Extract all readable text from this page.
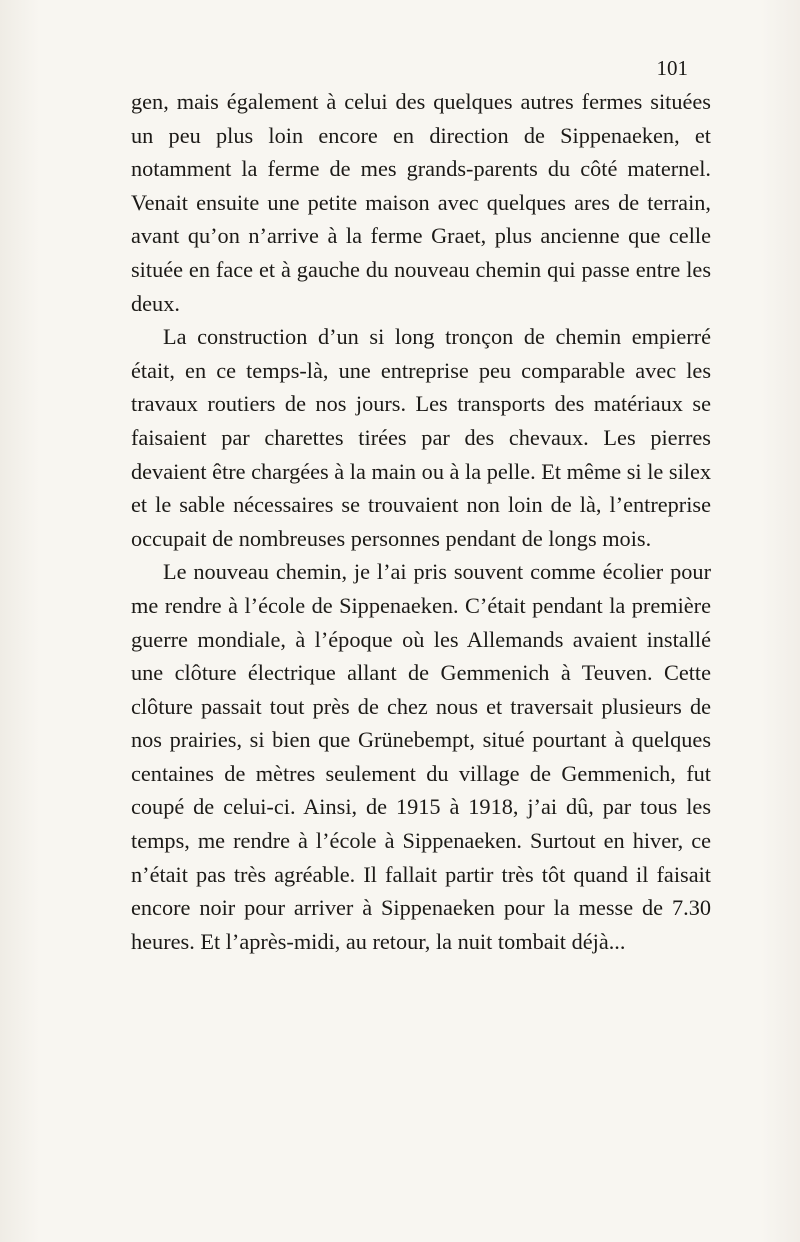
101

gen, mais également à celui des quelques autres fermes situées un peu plus loin encore en direction de Sippenaeken, et notamment la ferme de mes grands-parents du côté maternel. Venait ensuite une petite maison avec quelques ares de terrain, avant qu’on n’arrive à la ferme Graet, plus ancienne que celle située en face et à gauche du nouveau chemin qui passe entre les deux.

La construction d’un si long tronçon de chemin empierré était, en ce temps-là, une entreprise peu comparable avec les travaux routiers de nos jours. Les transports des matériaux se faisaient par charettes tirées par des chevaux. Les pierres devaient être chargées à la main ou à la pelle. Et même si le silex et le sable nécessaires se trouvaient non loin de là, l’entreprise occupait de nombreuses personnes pendant de longs mois.

Le nouveau chemin, je l’ai pris souvent comme écolier pour me rendre à l’école de Sippenaeken. C’était pendant la première guerre mondiale, à l’époque où les Allemands avaient installé une clôture électrique allant de Gemmenich à Teuven. Cette clôture passait tout près de chez nous et traversait plusieurs de nos prairies, si bien que Grünebempt, situé pourtant à quelques centaines de mètres seulement du village de Gemmenich, fut coupé de celui-ci. Ainsi, de 1915 à 1918, j’ai dû, par tous les temps, me rendre à l’école à Sippenaeken. Surtout en hiver, ce n’était pas très agréable. Il fallait partir très tôt quand il faisait encore noir pour arriver à Sippenaeken pour la messe de 7.30 heures. Et l’après-midi, au retour, la nuit tombait déjà...
